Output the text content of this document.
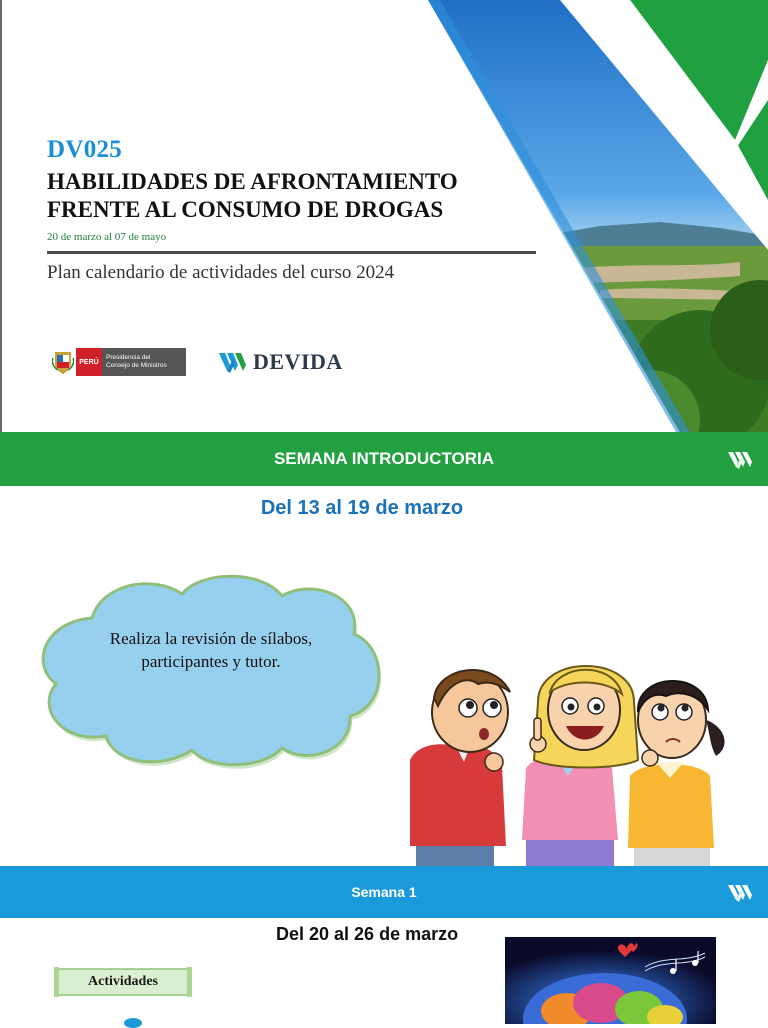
DV025
HABILIDADES DE AFRONTAMIENTO
FRENTE AL CONSUMO DE DROGAS
20 de marzo al 07 de mayo
Plan calendario de actividades del curso 2024
PERÚ
Presidencia del
Consejo de Ministros	DEVIDA
SEMANA INTRODUCTORIA
Del 13 al 19 de marzo
Realiza la revisión de sílabos, participantes y tutor.
Semana 1
Del 20 al 26 de marzo
Actividades
